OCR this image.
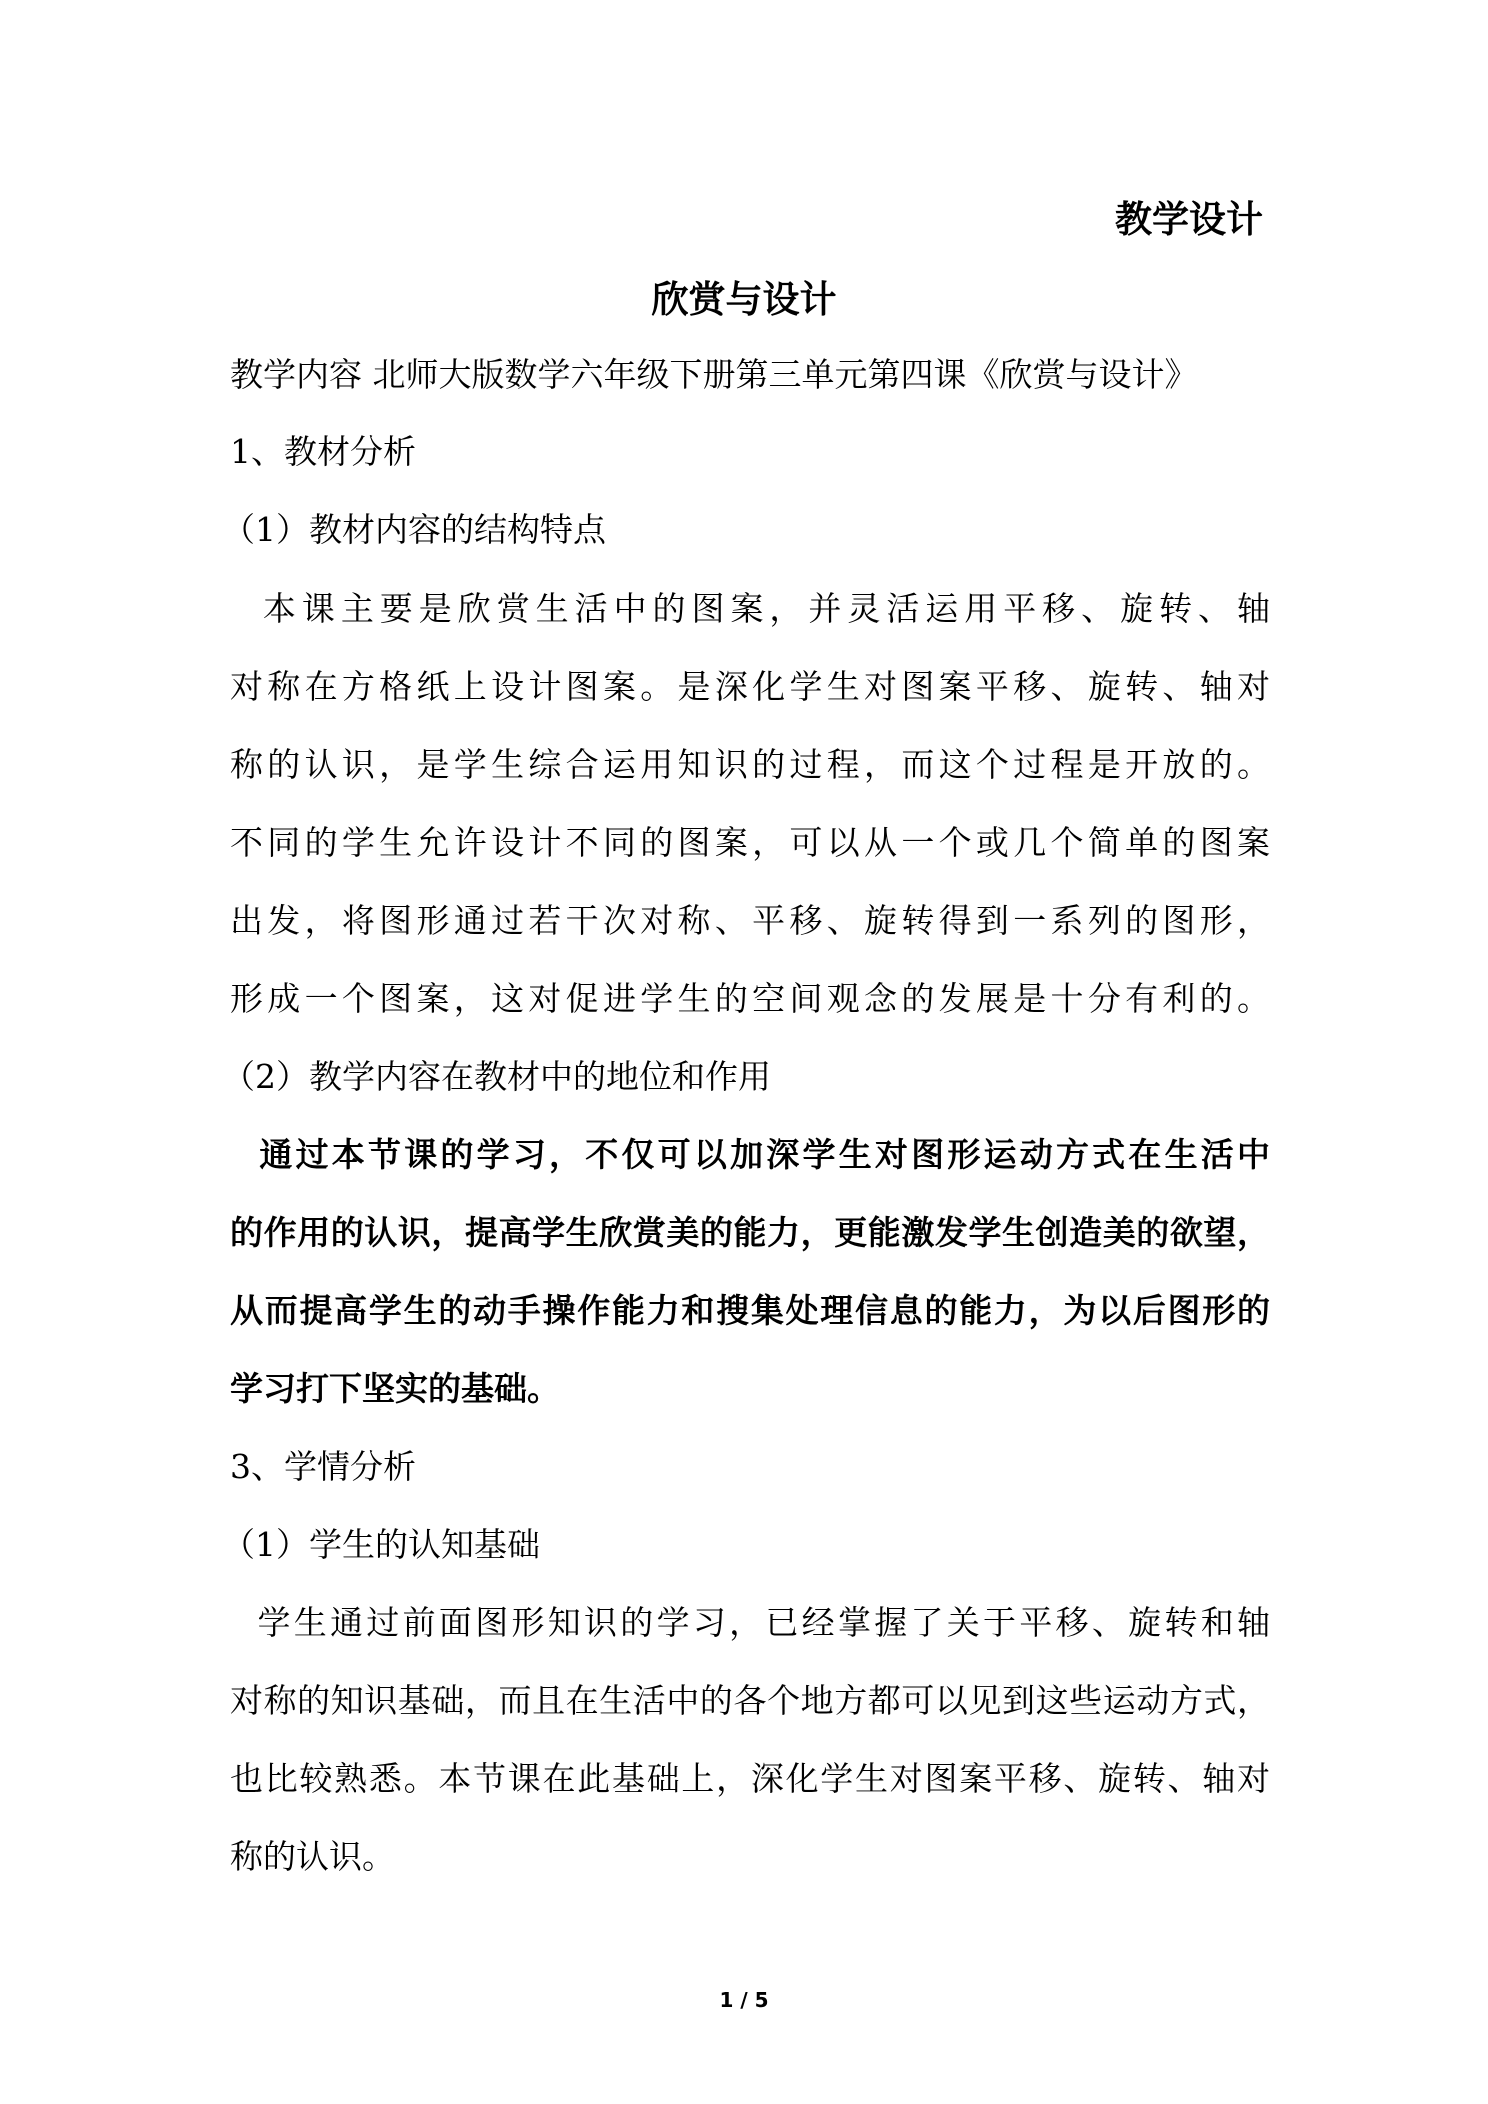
教学设计
欣赏与设计
教学内容 北师大版数学六年级下册第三单元第四课《欣赏与设计》
1、教材分析
（1）教材内容的结构特点
本课主要是欣赏生活中的图案，并灵活运用平移、旋转、轴
对称在方格纸上设计图案。是深化学生对图案平移、旋转、轴对
称的认识，是学生综合运用知识的过程，而这个过程是开放的。
不同的学生允许设计不同的图案，可以从一个或几个简单的图案
出发，将图形通过若干次对称、平移、旋转得到一系列的图形，
形成一个图案，这对促进学生的空间观念的发展是十分有利的。
（2）教学内容在教材中的地位和作用
通过本节课的学习，不仅可以加深学生对图形运动方式在生活中
的作用的认识，提高学生欣赏美的能力，更能激发学生创造美的欲望，
从而提高学生的动手操作能力和搜集处理信息的能力，为以后图形的
学习打下坚实的基础。
3、学情分析
（1）学生的认知基础
学生通过前面图形知识的学习，已经掌握了关于平移、旋转和轴
对称的知识基础，而且在生活中的各个地方都可以见到这些运动方式，
也比较熟悉。本节课在此基础上，深化学生对图案平移、旋转、轴对
称的认识。
1 / 5
